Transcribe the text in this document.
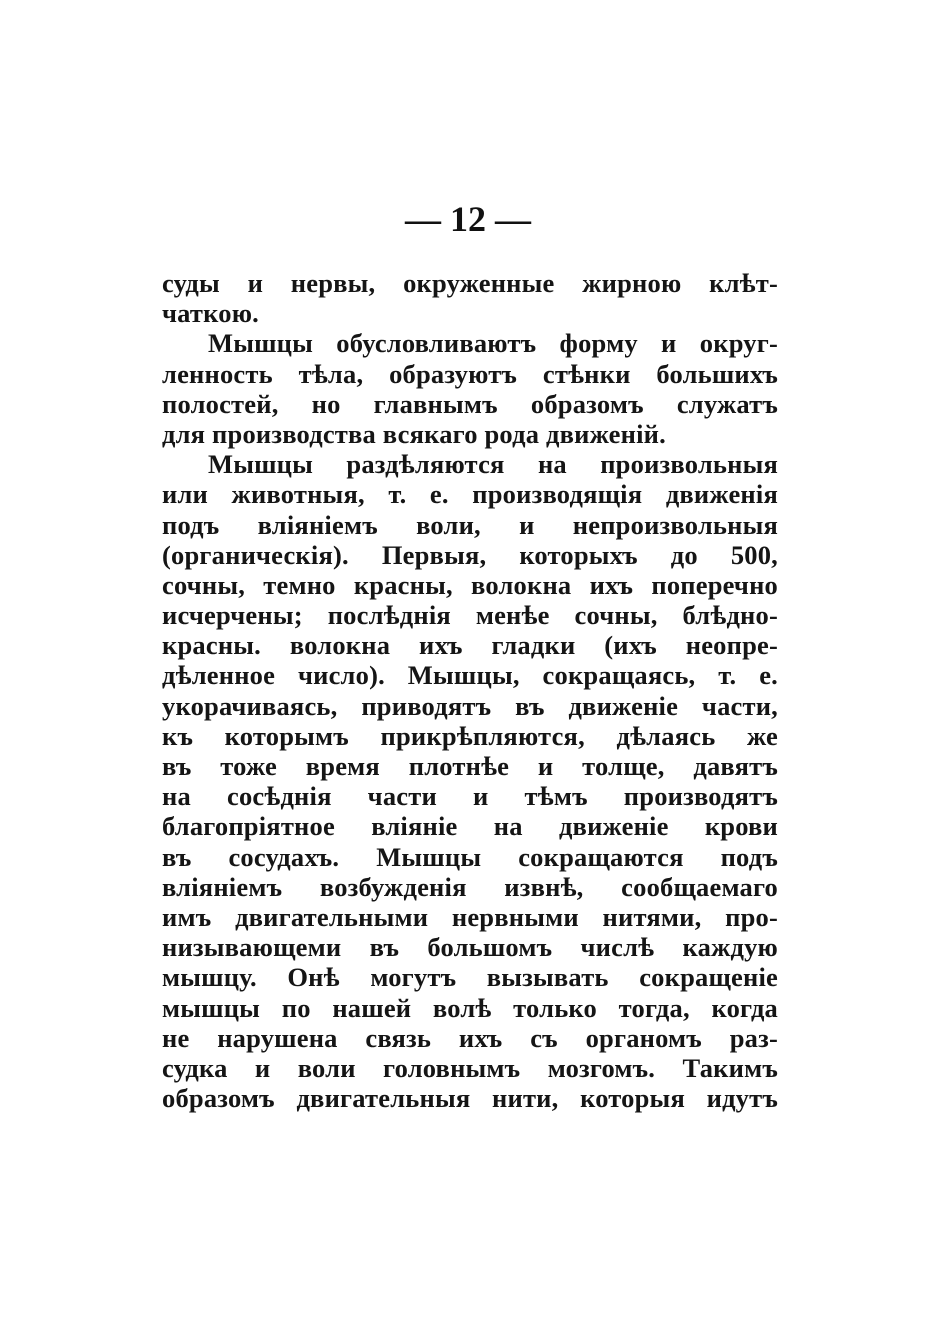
— 12 —
суды и нервы, окруженные жирною клѣт-
чаткою.
Мышцы обусловливаютъ форму и округ-
ленность тѣла, образуютъ стѣнки большихъ
полостей, но главнымъ образомъ служатъ
для производства всякаго рода движеній.
Мышцы раздѣляются на произвольныя
или животныя, т. е. производящія движенія
подъ вліяніемъ воли, и непроизвольныя
(органическія). Первыя, которыхъ до 500,
сочны, темно красны, волокна ихъ поперечно
исчерчены; послѣднія менѣе сочны, блѣдно-
красны. волокна ихъ гладки (ихъ неопре-
дѣленное число). Мышцы, сокращаясь, т. е.
укорачиваясь, приводятъ въ движеніе части,
къ которымъ прикрѣпляются, дѣлаясь же
въ тоже время плотнѣе и толще, давятъ
на сосѣднія части и тѣмъ производятъ
благопріятное вліяніе на движеніе крови
въ сосудахъ. Мышцы сокращаются подъ
вліяніемъ возбужденія извнѣ, сообщаемаго
имъ двигательными нервными нитями, про-
низывающеми въ большомъ числѣ каждую
мышцу. Онѣ могутъ вызывать сокращеніе
мышцы по нашей волѣ только тогда, когда
не нарушена связь ихъ съ органомъ раз-
судка и воли головнымъ мозгомъ. Такимъ
образомъ двигательныя нити, которыя идутъ
